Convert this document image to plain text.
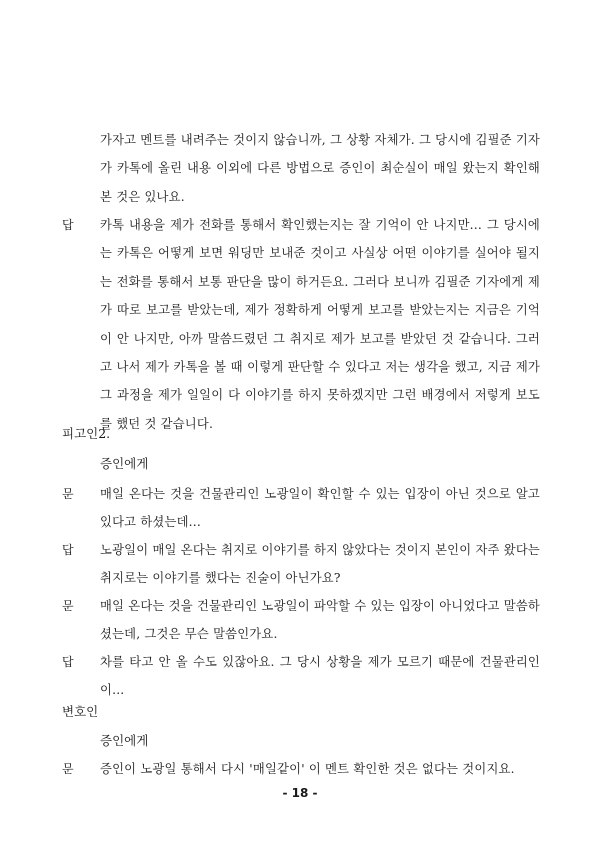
가자고 멘트를 내려주는 것이지 않습니까, 그 상황 자체가. 그 당시에 김필준 기자가 카톡에 올린 내용 이외에 다른 방법으로 증인이 최순실이 매일 왔는지 확인해 본 것은 있나요.
답 카톡 내용을 제가 전화를 통해서 확인했는지는 잘 기억이 안 나지만... 그 당시에는 카톡은 어떻게 보면 워딩만 보내준 것이고 사실상 어떤 이야기를 실어야 될지는 전화를 통해서 보통 판단을 많이 하거든요. 그러다 보니까 김필준 기자에게 제가 따로 보고를 받았는데, 제가 정확하게 어떻게 보고를 받았는지는 지금은 기억이 안 나지만, 아까 말씀드렸던 그 취지로 제가 보고를 받았던 것 같습니다. 그러고 나서 제가 카톡을 볼 때 이렇게 판단할 수 있다고 저는 생각을 했고, 지금 제가 그 과정을 제가 일일이 다 이야기를 하지 못하겠지만 그런 배경에서 저렇게 보도를 했던 것 같습니다.
피고인2.
증인에게
문 매일 온다는 것을 건물관리인 노광일이 확인할 수 있는 입장이 아닌 것으로 알고 있다고 하셨는데...
답 노광일이 매일 온다는 취지로 이야기를 하지 않았다는 것이지 본인이 자주 왔다는 취지로는 이야기를 했다는 진술이 아닌가요?
문 매일 온다는 것을 건물관리인 노광일이 파악할 수 있는 입장이 아니었다고 말씀하셨는데, 그것은 무슨 말씀인가요.
답 차를 타고 안 올 수도 있잖아요. 그 당시 상황을 제가 모르기 때문에 건물관리인이...
변호인
증인에게
문 증인이 노광일 통해서 다시 '매일같이' 이 멘트 확인한 것은 없다는 것이지요.
- 18 -
